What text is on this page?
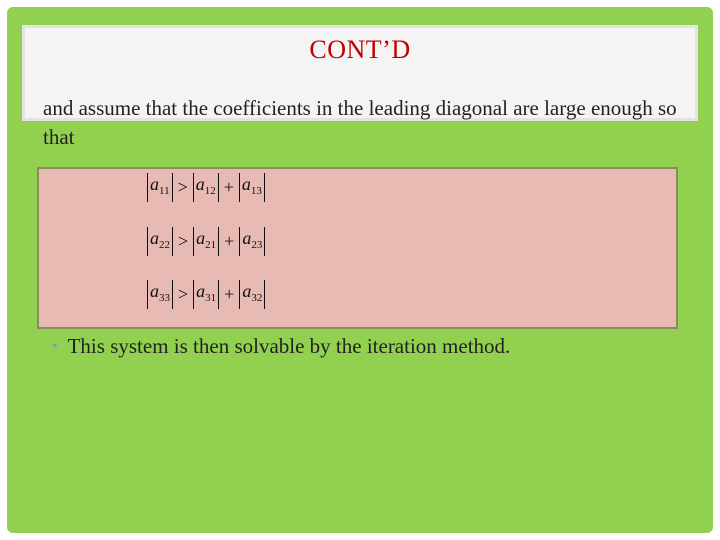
CONT’D
and assume that the coefficients in the leading diagonal are large enough so that
$a_{11} > a_{12} + a_{13}$
$a_{22} > a_{21} + a_{23}$
$a_{33} > a_{31} + a_{32}$
• This system is then solvable by the iteration method.
